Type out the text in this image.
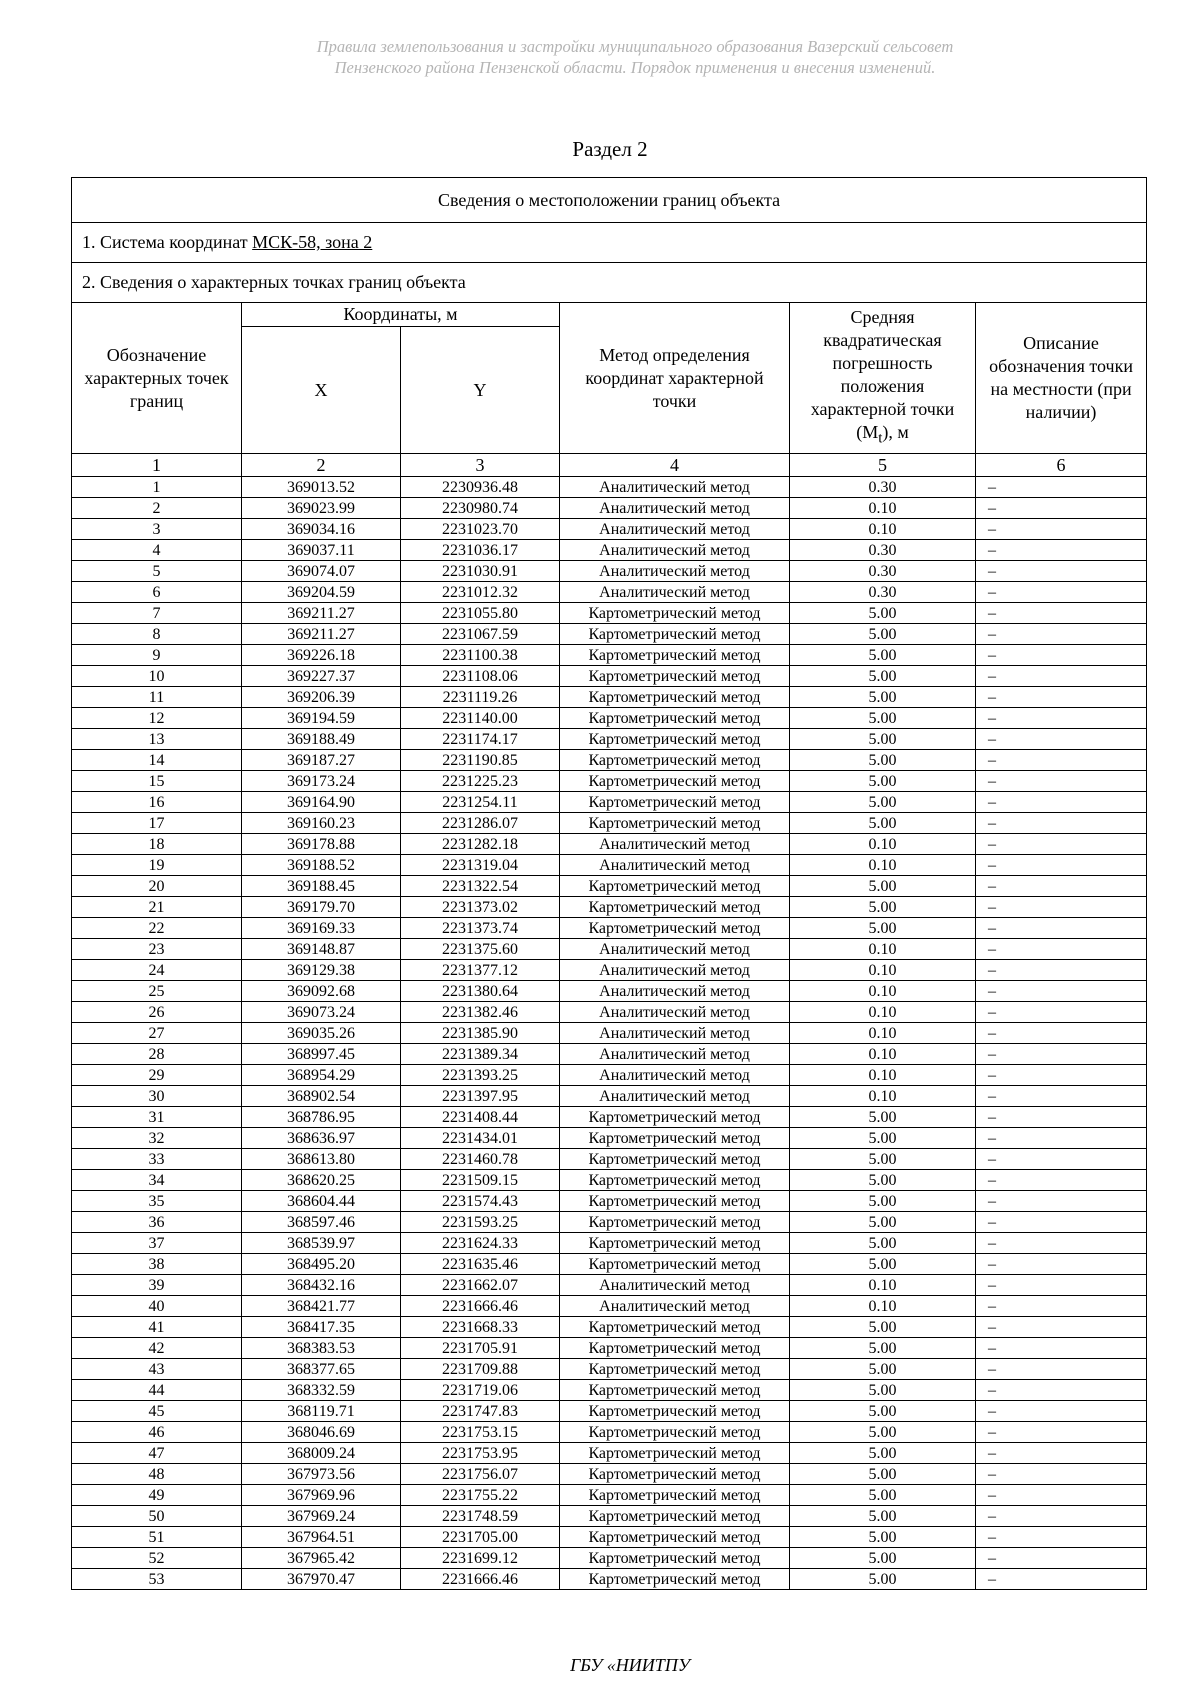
Правила землепользования и застройки муниципального образования Вазерский сельсовет
Пензенского района Пензенской области. Порядок применения и внесения изменений.
Раздел 2
Сведения о местоположении границ объекта					
1. Система координат МСК-58, зона 2					
2. Сведения о характерных точках границ объекта					
Обозначение характерных точек границ	Координаты, м		Метод определения координат характерной точки	Средняя квадратическая погрешность положения характерной точки $(M_t)$, м	Описание обозначения точки на местности (при наличии)
	X	Y			
1	2	3	4	5	6
1	369013.52	2230936.48	Аналитический метод	0.30	–
2	369023.99	2230980.74	Аналитический метод	0.10	–
3	369034.16	2231023.70	Аналитический метод	0.10	–
4	369037.11	2231036.17	Аналитический метод	0.30	–
5	369074.07	2231030.91	Аналитический метод	0.30	–
6	369204.59	2231012.32	Аналитический метод	0.30	–
7	369211.27	2231055.80	Картометрический метод	5.00	–
8	369211.27	2231067.59	Картометрический метод	5.00	–
9	369226.18	2231100.38	Картометрический метод	5.00	–
10	369227.37	2231108.06	Картометрический метод	5.00	–
11	369206.39	2231119.26	Картометрический метод	5.00	–
12	369194.59	2231140.00	Картометрический метод	5.00	–
13	369188.49	2231174.17	Картометрический метод	5.00	–
14	369187.27	2231190.85	Картометрический метод	5.00	–
15	369173.24	2231225.23	Картометрический метод	5.00	–
16	369164.90	2231254.11	Картометрический метод	5.00	–
17	369160.23	2231286.07	Картометрический метод	5.00	–
18	369178.88	2231282.18	Аналитический метод	0.10	–
19	369188.52	2231319.04	Аналитический метод	0.10	–
20	369188.45	2231322.54	Картометрический метод	5.00	–
21	369179.70	2231373.02	Картометрический метод	5.00	–
22	369169.33	2231373.74	Картометрический метод	5.00	–
23	369148.87	2231375.60	Аналитический метод	0.10	–
24	369129.38	2231377.12	Аналитический метод	0.10	–
25	369092.68	2231380.64	Аналитический метод	0.10	–
26	369073.24	2231382.46	Аналитический метод	0.10	–
27	369035.26	2231385.90	Аналитический метод	0.10	–
28	368997.45	2231389.34	Аналитический метод	0.10	–
29	368954.29	2231393.25	Аналитический метод	0.10	–
30	368902.54	2231397.95	Аналитический метод	0.10	–
31	368786.95	2231408.44	Картометрический метод	5.00	–
32	368636.97	2231434.01	Картометрический метод	5.00	–
33	368613.80	2231460.78	Картометрический метод	5.00	–
34	368620.25	2231509.15	Картометрический метод	5.00	–
35	368604.44	2231574.43	Картометрический метод	5.00	–
36	368597.46	2231593.25	Картометрический метод	5.00	–
37	368539.97	2231624.33	Картометрический метод	5.00	–
38	368495.20	2231635.46	Картометрический метод	5.00	–
39	368432.16	2231662.07	Аналитический метод	0.10	–
40	368421.77	2231666.46	Аналитический метод	0.10	–
41	368417.35	2231668.33	Картометрический метод	5.00	–
42	368383.53	2231705.91	Картометрический метод	5.00	–
43	368377.65	2231709.88	Картометрический метод	5.00	–
44	368332.59	2231719.06	Картометрический метод	5.00	–
45	368119.71	2231747.83	Картометрический метод	5.00	–
46	368046.69	2231753.15	Картометрический метод	5.00	–
47	368009.24	2231753.95	Картометрический метод	5.00	–
48	367973.56	2231756.07	Картометрический метод	5.00	–
49	367969.96	2231755.22	Картометрический метод	5.00	–
50	367969.24	2231748.59	Картометрический метод	5.00	–
51	367964.51	2231705.00	Картометрический метод	5.00	–
52	367965.42	2231699.12	Картометрический метод	5.00	–
53	367970.47	2231666.46	Картометрический метод	5.00	–
ГБУ «НИИТПУ
